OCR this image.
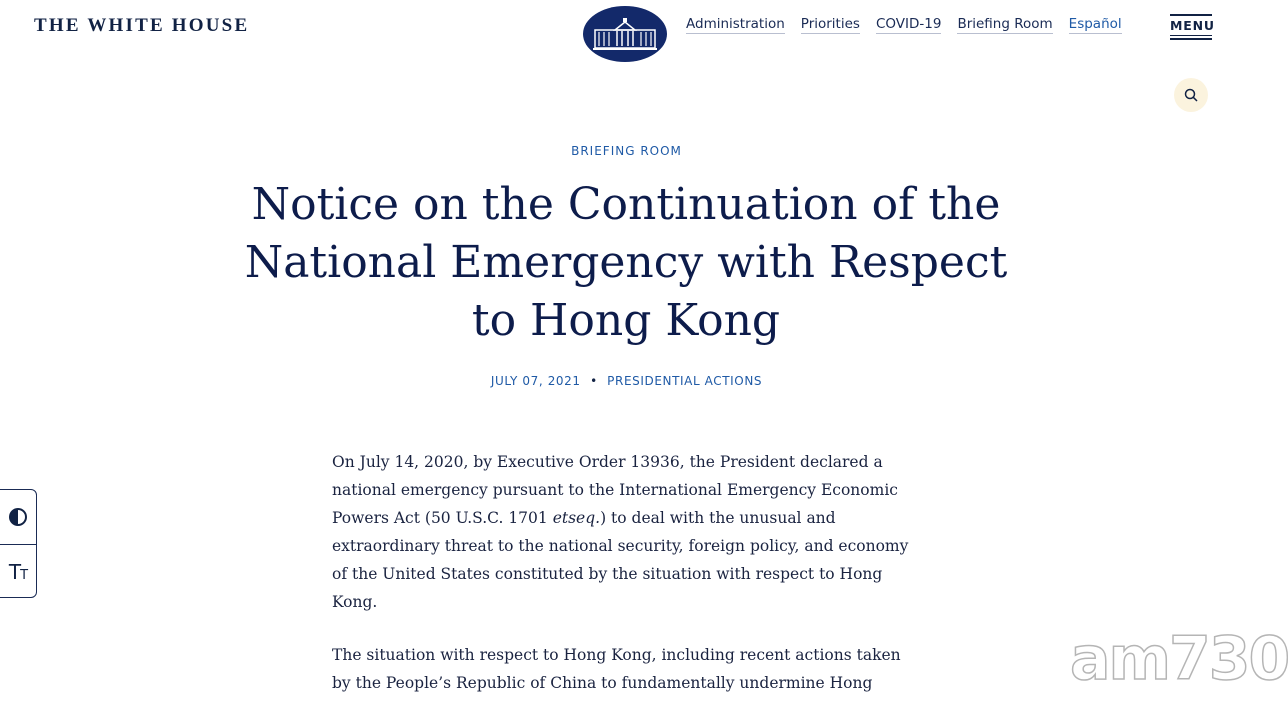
THE WHITE HOUSE	Administration Priorities COVID-19 Briefing Room Español	MENU
BRIEFING ROOM
Notice on the Continuation of the National Emergency with Respect to Hong Kong
JULY 07, 2021 • PRESIDENTIAL ACTIONS

On July 14, 2020, by Executive Order 13936, the President declared a national emergency pursuant to the International Emergency Economic Powers Act (50 U.S.C. 1701 etseq.) to deal with the unusual and extraordinary threat to the national security, foreign policy, and economy of the United States constituted by the situation with respect to Hong Kong.

The situation with respect to Hong Kong, including recent actions taken by the People’s Republic of China to fundamentally undermine Hong

TT
am730
